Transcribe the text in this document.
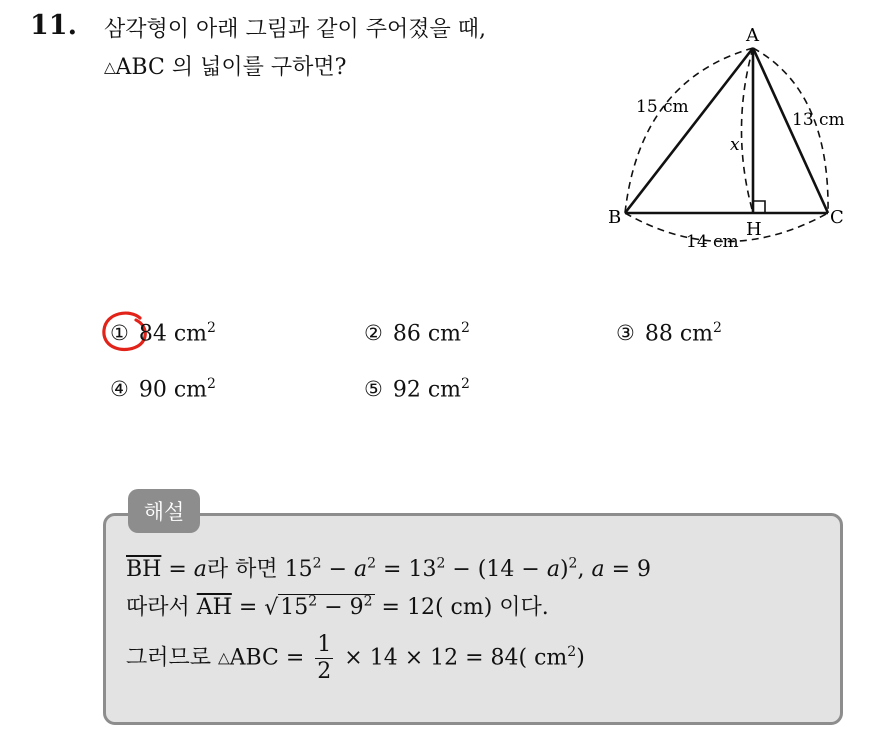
11. 삼각형이 아래 그림과 같이 주어졌을 때,
△ABC 의 넓이를 구하면?
A
B	C
H
15 cm
13 cm
14 cm
x
① 84 $cm^2$	② 86 $cm^2$	③ 88 $cm^2$
④ 90 $cm^2$	⑤ 92 $cm^2$
해설
$\overline{BH} = a$라 하면 $15^2 - a^2 = 13^2 - (14 - a)^2$, a = 9
따라서 $\overline{AH} = √15^2 - 9^2 = 12$( cm) 이다.
그러므로 △ABC = $\frac{1}{2} \times 14 \times 12 = 84$( $cm^2$)
